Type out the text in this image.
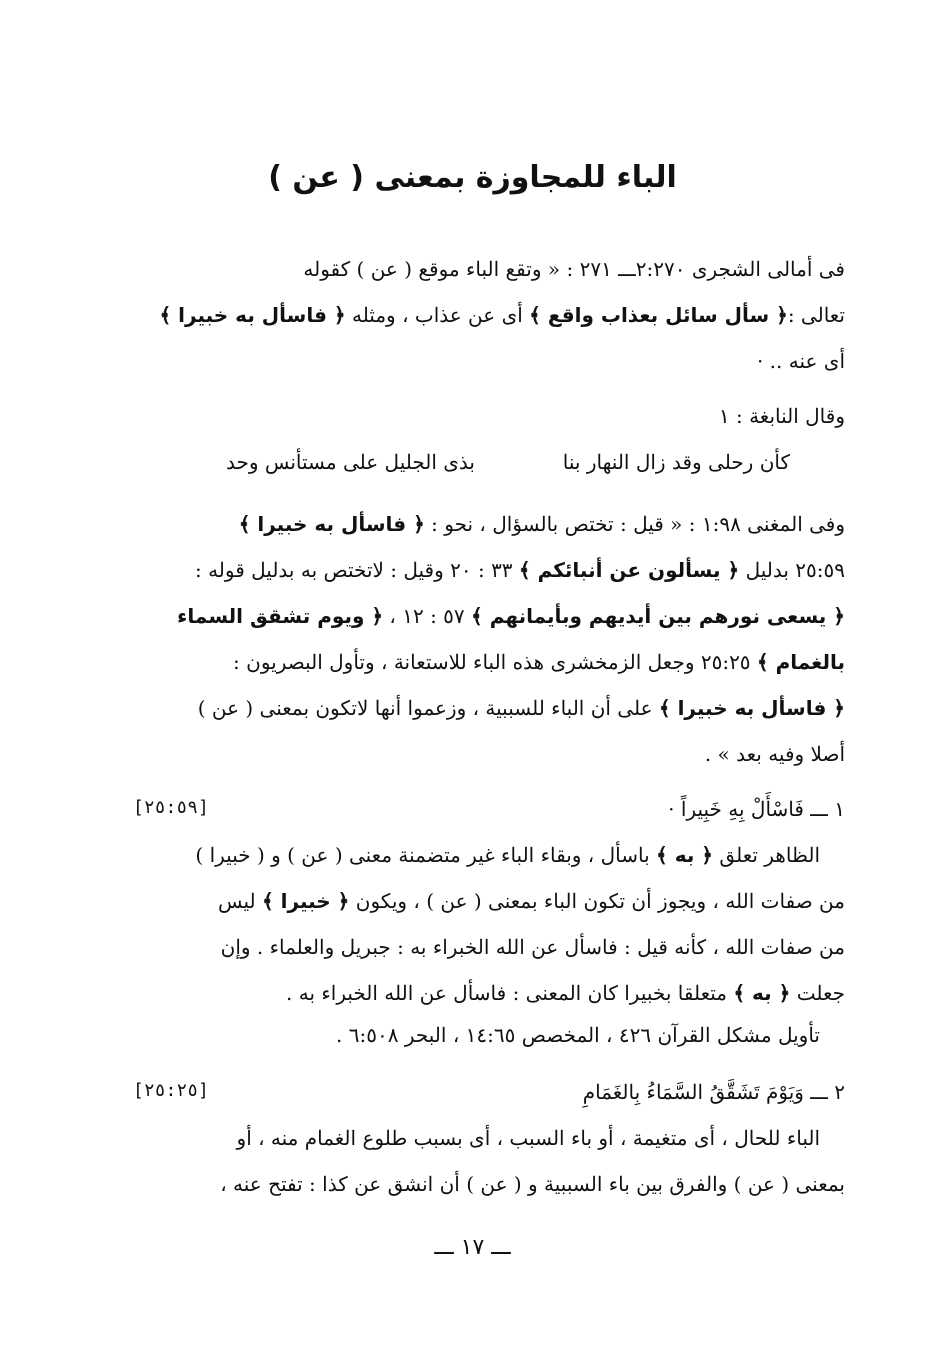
الباء للمجاوزة بمعنى ( عن )
فى أمالى الشجرى ٢:٢٧٠ـــ ٢٧١ : « وتقع الباء موقع ( عن ) كقوله
تعالى :﴿ سأل سائل بعذاب واقع ﴾ أى عن عذاب ، ومثله ﴿ فاسأل به خبيرا ﴾
أى عنه .. ·
وقال النابغة : ١
كأن رحلى وقد زال النهار بنا
بذى الجليل على مستأنس وحد
وفى المغنى ١:٩٨ : « قيل : تختص بالسؤال ، نحو : ﴿ فاسأل به خبيرا ﴾
٢٥:٥٩ بدليل ﴿ يسألون عن أنبائكم ﴾ ٣٣ : ٢٠ وقيل : لاتختص به بدليل قوله :
﴿ يسعى نورهم بين أيديهم وبأيمانهم ﴾ ٥٧ : ١٢ ، ﴿ ويوم تشقق السماء
بالغمام ﴾ ٢٥:٢٥ وجعل الزمخشرى هذه الباء للاستعانة ، وتأول البصريون :
﴿ فاسأل به خبيرا ﴾ على أن الباء للسببية ، وزعموا أنها لاتكون بمعنى ( عن )
أصلا وفيه بعد » .
١ ـــ فَاسْأَلْ بِهِ خَبِيراً ·
[٢٥:٥٩]
الظاهر تعلق ﴿ به ﴾ باسأل ، وبقاء الباء غير متضمنة معنى ( عن ) و ( خبيرا )
من صفات الله ، ويجوز أن تكون الباء بمعنى ( عن ) ، ويكون ﴿ خبيرا ﴾ ليس
من صفات الله ، كأنه قيل : فاسأل عن الله الخبراء به : جبريل والعلماء . وإن
جعلت ﴿ به ﴾ متعلقا بخبيرا كان المعنى : فاسأل عن الله الخبراء به .
تأويل مشكل القرآن ٤٢٦ ، المخصص ١٤:٦٥ ، البحر ٦:٥٠٨ .
٢ ـــ وَيَوْمَ تَشَقَّقُ السَّمَاءُ بِالغَمَامِ
[٢٥:٢٥]
الباء للحال ، أى متغيمة ، أو باء السبب ، أى بسبب طلوع الغمام منه ، أو
بمعنى ( عن ) والفرق بين باء السببية و ( عن ) أن انشق عن كذا : تفتح عنه ،
ـــ ١٧ ـــ
